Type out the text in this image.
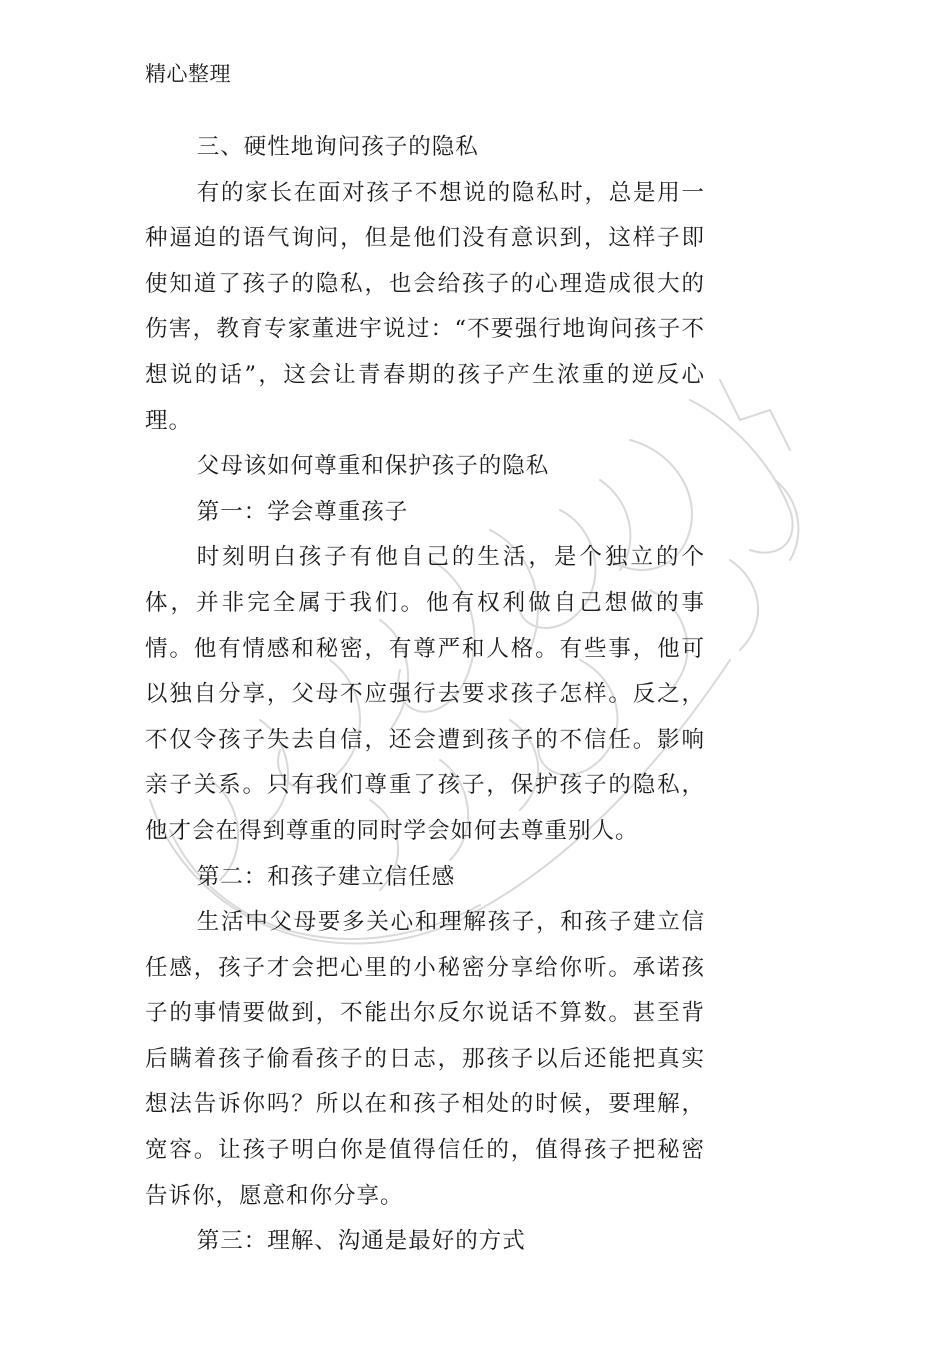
精心整理

三、硬性地询问孩子的隐私

有的家长在面对孩子不想说的隐私时，总是用一种逼迫的语气询问，但是他们没有意识到，这样子即使知道了孩子的隐私，也会给孩子的心理造成很大的伤害，教育专家董进宇说过：“不要强行地询问孩子不想说的话”，这会让青春期的孩子产生浓重的逆反心理。

父母该如何尊重和保护孩子的隐私

第一：学会尊重孩子

时刻明白孩子有他自己的生活，是个独立的个体，并非完全属于我们。他有权利做自己想做的事情。他有情感和秘密，有尊严和人格。有些事，他可以独自分享，父母不应强行去要求孩子怎样。反之，不仅令孩子失去自信，还会遭到孩子的不信任。影响亲子关系。只有我们尊重了孩子，保护孩子的隐私，他才会在得到尊重的同时学会如何去尊重别人。

第二：和孩子建立信任感

生活中父母要多关心和理解孩子，和孩子建立信任感，孩子才会把心里的小秘密分享给你听。承诺孩子的事情要做到，不能出尔反尔说话不算数。甚至背后瞒着孩子偷看孩子的日志，那孩子以后还能把真实想法告诉你吗？所以在和孩子相处的时候，要理解，宽容。让孩子明白你是值得信任的，值得孩子把秘密告诉你，愿意和你分享。

第三：理解、沟通是最好的方式
